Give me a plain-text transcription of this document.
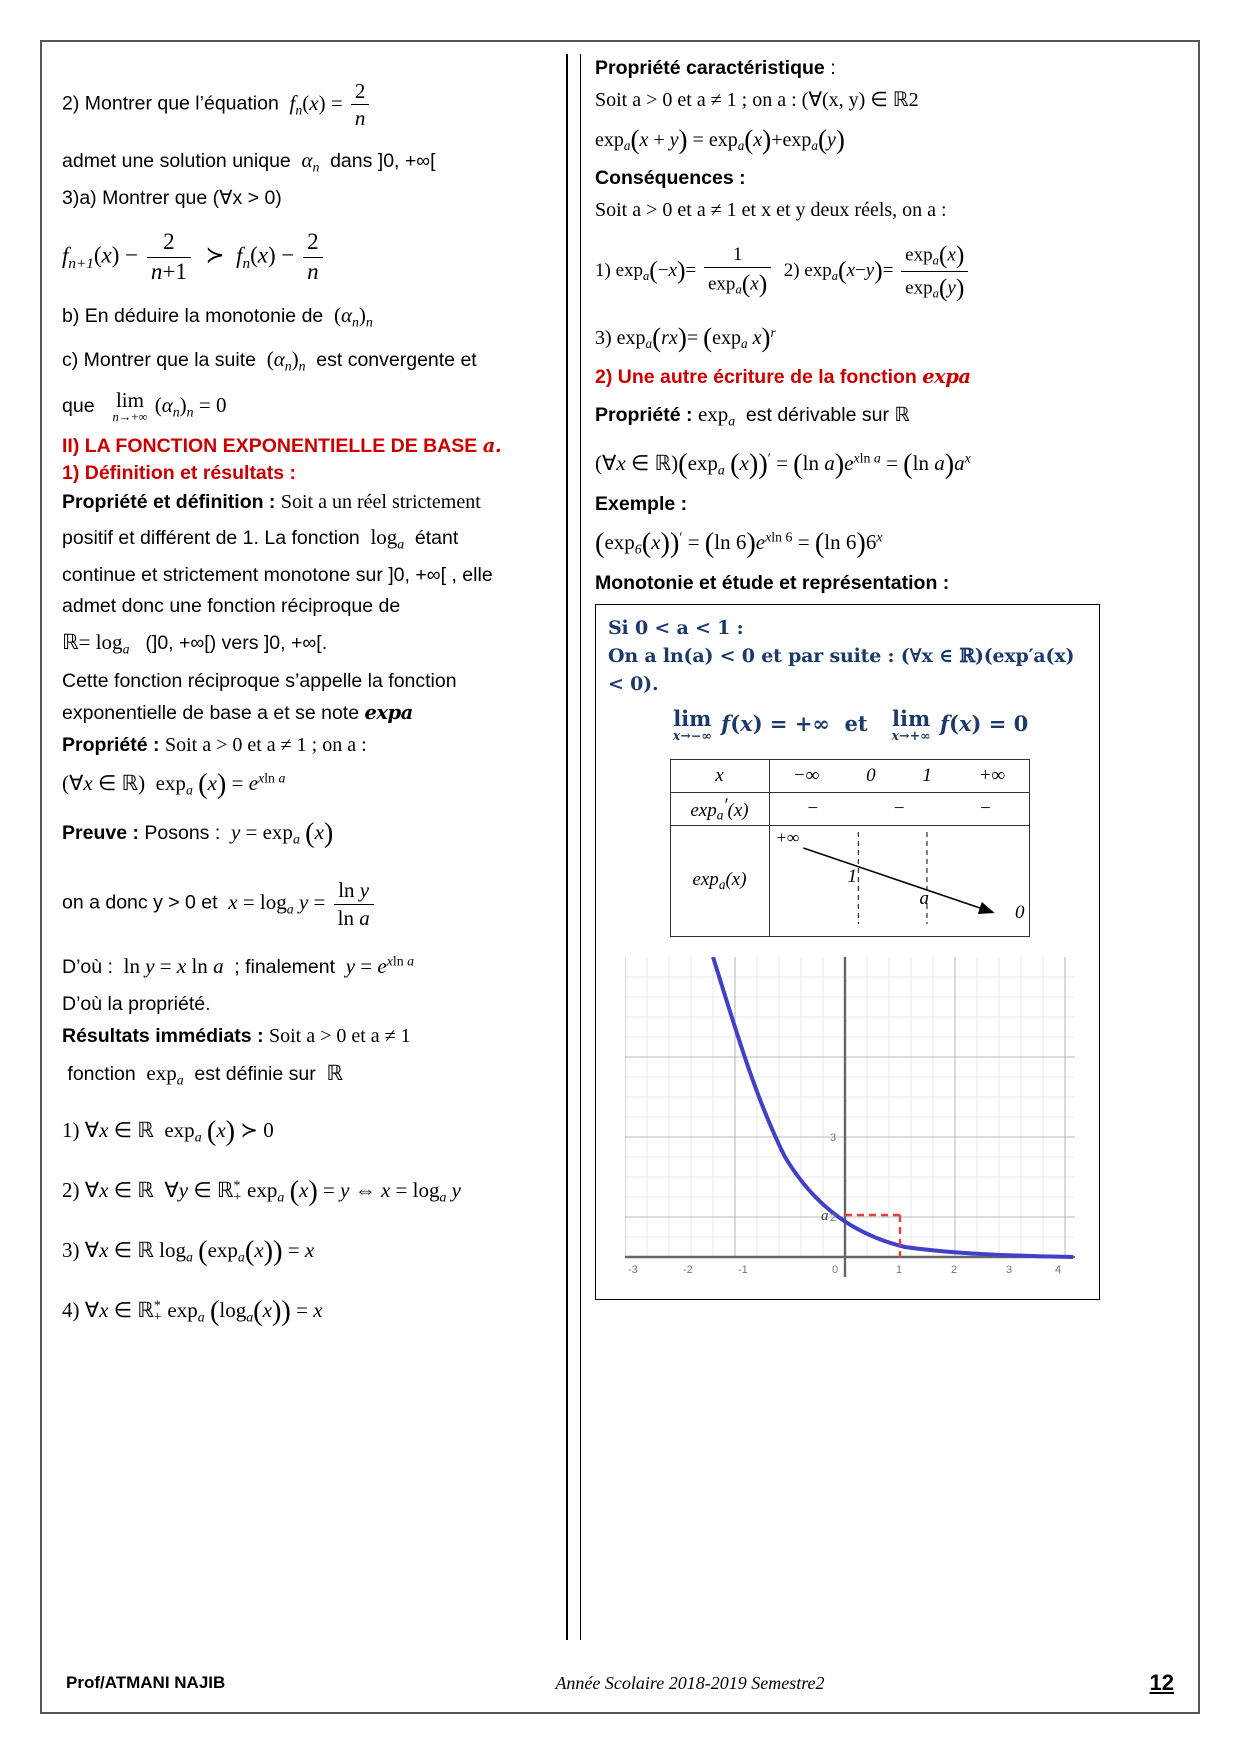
2) Montrer que l’équation $f_n(x) = \frac{2}{n}$
admet une solution unique $\alpha_n$ dans ]0, +∞[
3)a) Montrer que (∀x > 0)
$f_{n+1}(x) - \frac{2}{n+1}$ ≻  $f_n(x) - \frac{2}{n}$
b) En déduire la monotonie de  $(\alpha_n)_n$
c) Montrer que la suite  $(\alpha_n)_n$ est convergente et
que lim
n→+∞ $(\alpha_n)_n = 0$
II) LA FONCTION EXPONENTIELLE DE BASE a.
1) Définition et résultats :
Propriété et définition : Soit a un réel strictement
positif et différent de 1. La fonction  $\log_a$ étant
continue et strictement monotone sur ]0, +∞[ , elle
admet donc une fonction réciproque de
ℝ= $\log_a (]0$, +∞[) vers ]0, +∞[.
Cette fonction réciproque s’appelle la fonction
exponentielle de base a et se note expa
Propriété : Soit a > 0 et a ≠ 1 ; on a :
(∀x ∈ ℝ)  $\exp_a (x) = e^{xln a}$
Preuve : Posons : $y = \exp_a (x)$
on a donc y > 0 et $x = \log_a y = \frac{\text{ln y}}{\text{ln a}}$
D’où :  ln y = x ln a ; finalement $y = e^{xln a}$
D’où la propriété.
Résultats immédiats : Soit a > 0 et a ≠ 1
fonction  $\exp_a$ est définie sur  ℝ
1) ∀x ∈ ℝ  $\exp_a (x)$ ≻ 0
2) ∀x ∈ ℝ  ∀y ∈ ℝ*$_+$ $\exp_a (x) = y$ ⇔ $x = \log_a y$
3) ∀x ∈ ℝ $\log_a (\exp_a(x)) = x$
4) ∀x ∈ ℝ*$_+$ $\exp_a (\log_a(x)) = x$
Propriété caractéristique :
Soit a > 0 et a ≠ 1 ; on a : (∀(x, y) ∈ ℝ2
$\exp_a(x + y) = \exp_a(x)+\exp_a(y)$
Conséquences :
Soit a > 0 et a ≠ 1 et x et y deux réels, on a :
1) $\exp_a(-x)= \frac{1}{\exp_a(x)} 2$) $\exp_a(x-y)= \frac{\exp_a(x)}{\exp_a(y)}$
3) $\exp_a(rx)= (\exp_a$ x)$^r$
2) Une autre écriture de la fonction expa
Propriété : $\exp_a$ est dérivable sur ℝ
(∀x ∈ $ℝ)(\exp_a$ (x))′ = (ln $a)e^{xln a} = (\ln$ $a)a^x$
Exemple :
$(\exp_6(x))' = (\ln$ $6)e^{xln 6} = (\ln$ 6)6$^x$
Monotonie et étude et représentation :
Si 0 < a < 1 :
On a ln(a) < 0 et par suite : (∀x ∈ ℝ)(exp′a(x) < 0).
lim
x→−∞ f(x) = +∞  et lim
x→+∞ f(x) = 0
x	−∞ 0 1 +∞

$\exp_a'(x)$	− − −

$\exp_a(x)$	+∞
1
a
0
-3	-2	-1	0	1	2	3	4
3
2
a
Prof/ATMANI NAJIB	Année Scolaire 2018-2019 Semestre2	12
